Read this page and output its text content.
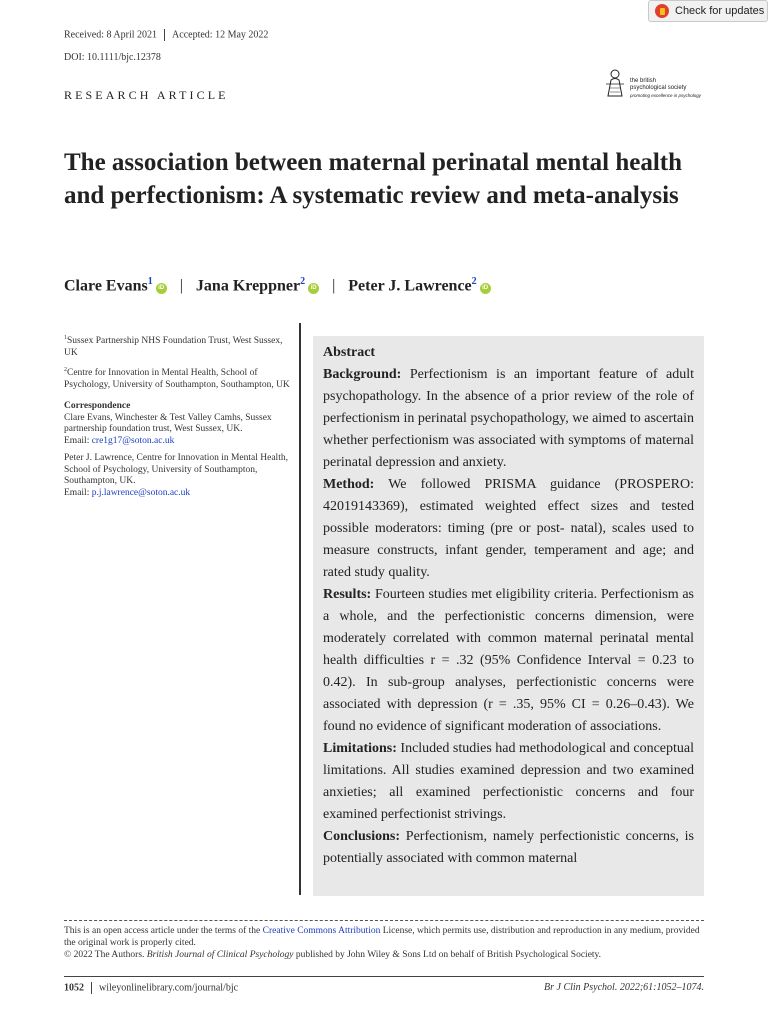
Check for updates
Received: 8 April 2021 Accepted: 12 May 2022
DOI: 10.1111/bjc.12378
the british
psychological society
promoting excellence in psychology
RESEARCH ARTICLE
The association between maternal perinatal mental health and perfectionism: A systematic review and meta-analysis
Clare Evans$^1$iD | Jana Kreppner$^2$iD | Peter J. Lawrence$^2$iD

$^1$Sussex Partnership NHS Foundation Trust, West Sussex, UK

$^2$Centre for Innovation in Mental Health, School of Psychology, University of Southampton, Southampton, UK

Correspondence

Clare Evans, Winchester & Test Valley Camhs, Sussex partnership foundation trust, West Sussex, UK.
Email: cre1g17@soton.ac.uk

Peter J. Lawrence, Centre for Innovation in Mental Health, School of Psychology, University of Southampton, Southampton, UK.
Email: p.j.lawrence@soton.ac.uk

Abstract

Background: Perfectionism is an important feature of adult psychopathology. In the absence of a prior review of the role of perfectionism in perinatal psychopathology, we aimed to ascertain whether perfectionism was associated with symptoms of maternal perinatal depression and anxiety.

Method: We followed PRISMA guidance (PROSPERO: 42019143369), estimated weighted effect sizes and tested possible moderators: timing (pre or post- natal), scales used to measure constructs, infant gender, temperament and age; and rated study quality.

Results: Fourteen studies met eligibility criteria. Perfectionism as a whole, and the perfectionistic concerns dimension, were moderately correlated with common maternal perinatal mental health difficulties r = .32 (95% Confidence Interval = 0.23 to 0.42). In sub-group analyses, perfectionistic concerns were associated with depression (r = .35, 95% CI = 0.26–0.43). We found no evidence of significant moderation of associations.

Limitations: Included studies had methodological and conceptual limitations. All studies examined depression and two examined anxieties; all examined perfectionistic concerns and four examined perfectionist strivings.

Conclusions: Perfectionism, namely perfectionistic concerns, is potentially associated with common maternal

This is an open access article under the terms of the Creative Commons Attribution License, which permits use, distribution and reproduction in any medium, provided the original work is properly cited.

© 2022 The Authors. British Journal of Clinical Psychology published by John Wiley & Sons Ltd on behalf of British Psychological Society.

1052 wileyonlinelibrary.com/journal/bjc	Br J Clin Psychol. 2022;61:1052–1074.
